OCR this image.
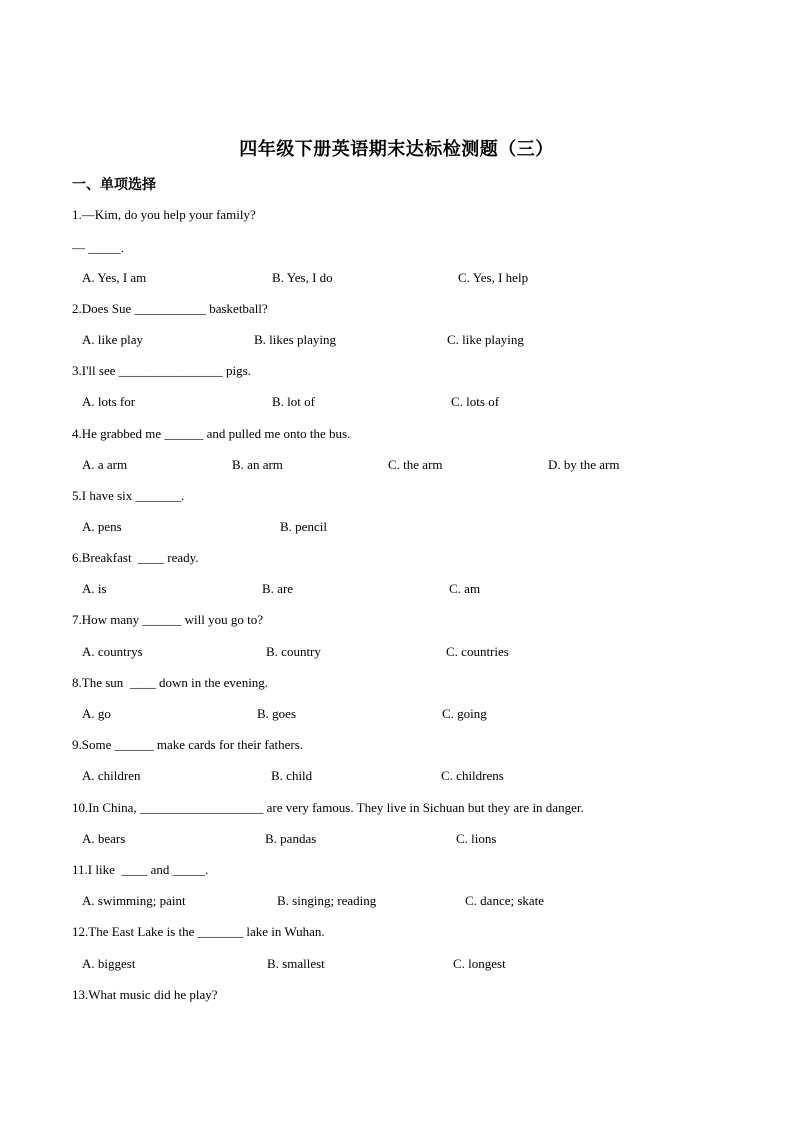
四年级下册英语期末达标检测题（三）
一、单项选择
1.—Kim, do you help your family?
— _____.
A. Yes, I am	B. Yes, I do	C. Yes, I help
2.Does Sue ___________ basketball?
A. like play	B. likes playing	C. like playing
3.I'll see ________________ pigs.
A. lots for	B. lot of	C. lots of
4.He grabbed me ______ and pulled me onto the bus.
A. a arm	B. an arm	C. the arm	D. by the arm
5.I have six _______.
A. pens	B. pencil
6.Breakfast  ____ ready.
A. is	B. are	C. am
7.How many ______ will you go to?
A. countrys	B. country	C. countries
8.The sun  ____ down in the evening.
A. go	B. goes	C. going
9.Some ______ make cards for their fathers.
A. children	B. child	C. childrens
10.In China, ___________________ are very famous. They live in Sichuan but they are in danger.
A. bears	B. pandas	C. lions
11.I like  ____ and _____.
A. swimming; paint	B. singing; reading	C. dance; skate
12.The East Lake is the _______ lake in Wuhan.
A. biggest	B. smallest	C. longest
13.What music did he play?
